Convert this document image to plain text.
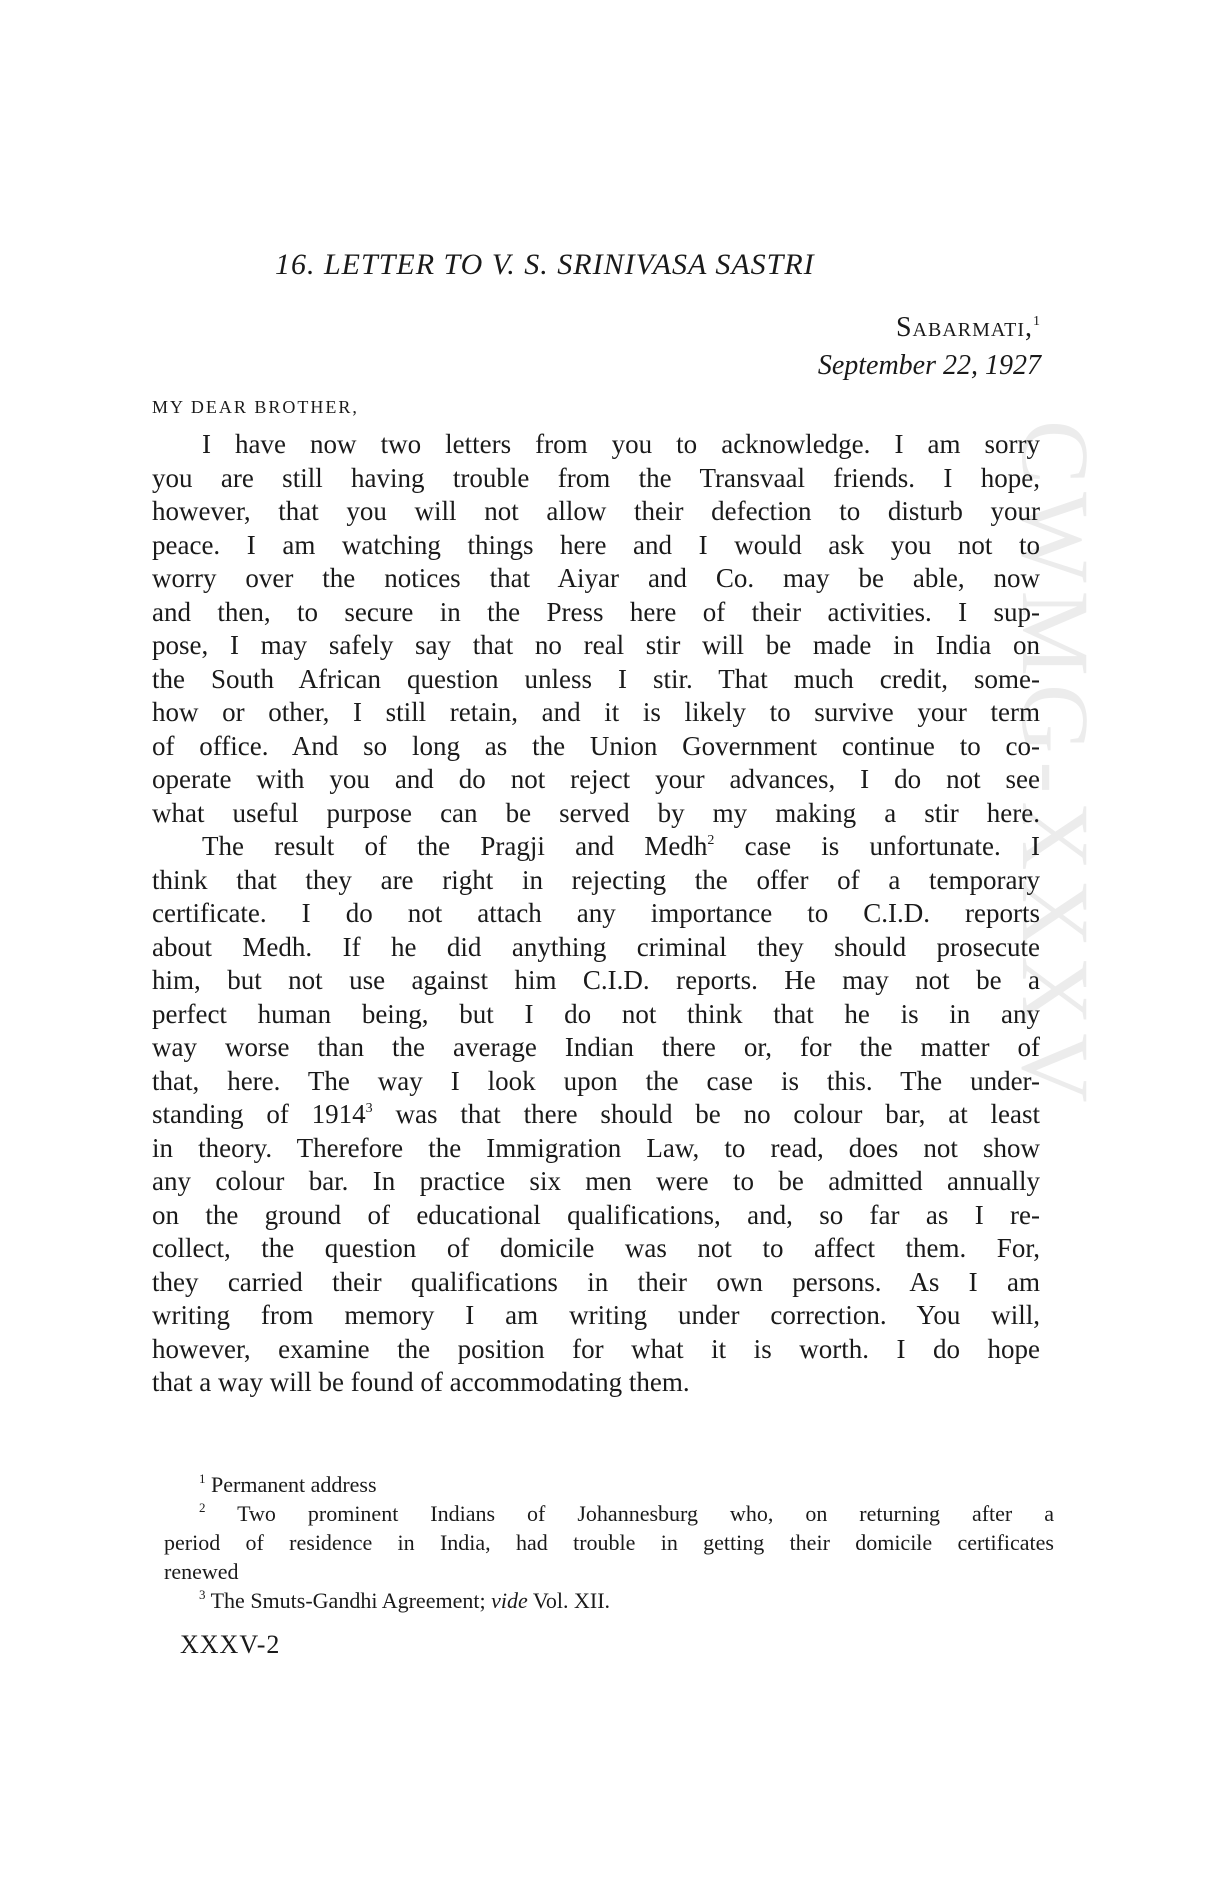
CWMG-XXXV
16. LETTER TO V. S. SRINIVASA SASTRI
Sabarmati,$^1$
September 22, 1927
MY DEAR BROTHER,
I have now two letters from you to acknowledge. I am sorry
you are still having trouble from the Transvaal friends. I hope,
however, that you will not allow their defection to disturb your
peace. I am watching things here and I would ask you not to
worry over the notices that Aiyar and Co. may be able, now
and then, to secure in the Press here of their activities. I sup-
pose, I may safely say that no real stir will be made in India on
the South African question unless I stir. That much credit, some-
how or other, I still retain, and it is likely to survive your term
of office. And so long as the Union Government continue to co-
operate with you and do not reject your advances, I do not see
what useful purpose can be served by my making a stir here.
The result of the Pragji and Medh$^2$ case is unfortunate. I
think that they are right in rejecting the offer of a temporary
certificate. I do not attach any importance to C.I.D. reports
about Medh. If he did anything criminal they should prosecute
him, but not use against him C.I.D. reports. He may not be a
perfect human being, but I do not think that he is in any
way worse than the average Indian there or, for the matter of
that, here. The way I look upon the case is this. The under-
standing of 1914$^3$ was that there should be no colour bar, at least
in theory. Therefore the Immigration Law, to read, does not show
any colour bar. In practice six men were to be admitted annually
on the ground of educational qualifications, and, so far as I re-
collect, the question of domicile was not to affect them. For,
they carried their qualifications in their own persons. As I am
writing from memory I am writing under correction. You will,
however, examine the position for what it is worth. I do hope
that a way will be found of accommodating them.
$^1$ Permanent address
$^2$ Two prominent Indians of Johannesburg who, on returning after a
period of residence in India, had trouble in getting their domicile certificates
renewed
$^3$ The Smuts-Gandhi Agreement; vide Vol. XII.
XXXV-2
